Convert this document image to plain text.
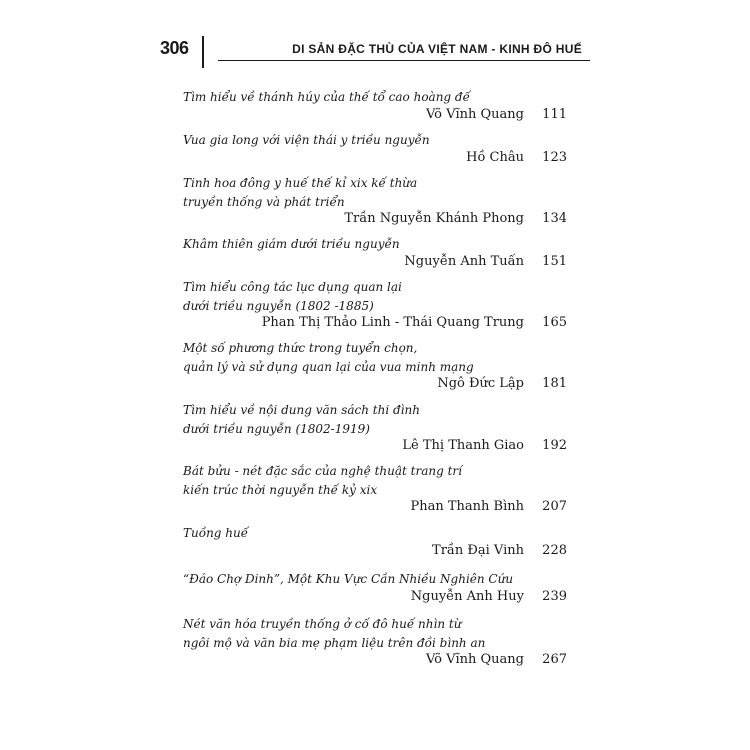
306	DI SẢN ĐẶC THÙ CỦA VIỆT NAM - KINH ĐÔ HUẾ
Tìm hiểu về thánh húy của thế tổ cao hoàng đế
Võ Vĩnh Quang	111
Vua gia long với viện thái y triều nguyễn
Hồ Châu	123
Tinh hoa đông y huế thế kỉ xix kế thừa
truyền thống và phát triển
Trần Nguyễn Khánh Phong	134
Khâm thiên giám dưới triều nguyễn
Nguyễn Anh Tuấn	151
Tìm hiểu công tác lục dụng quan lại
dưới triều nguyễn (1802 -1885)
Phan Thị Thảo Linh - Thái Quang Trung	165
Một số phương thức trong tuyển chọn,
quản lý và sử dụng quan lại của vua minh mạng
Ngô Đức Lập	181
Tìm hiểu về nội dung văn sách thi đình
dưới triều nguyễn (1802-1919)
Lê Thị Thanh Giao	192
Bát bửu - nét đặc sắc của nghệ thuật trang trí
kiến trúc thời nguyễn thế kỷ xix
Phan Thanh Bình	207
Tuồng huế
Trần Đại Vinh	228
“Đáo Chợ Dinh”, Một Khu Vực Cần Nhiều Nghiên Cứu
Nguyễn Anh Huy	239
Nét văn hóa truyền thống ở cố đô huế nhìn từ
ngôi mộ và văn bia mẹ phạm liệu trên đồi bình an
Võ Vĩnh Quang	267
